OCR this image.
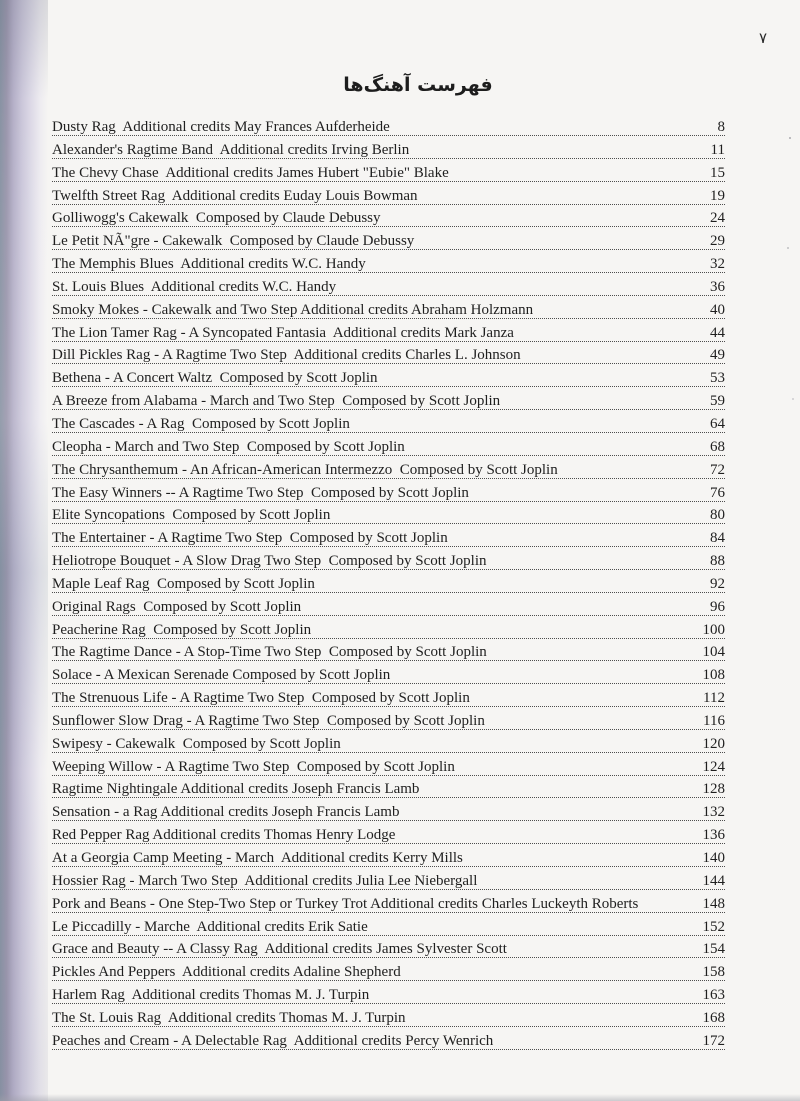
۷
فهرست آهنگ‌ها
Dusty Rag  Additional credits May Frances Aufderheide	8
Alexander's Ragtime Band  Additional credits Irving Berlin	11
The Chevy Chase  Additional credits James Hubert "Eubie" Blake	15
Twelfth Street Rag  Additional credits Euday Louis Bowman	19
Golliwogg's Cakewalk  Composed by Claude Debussy	24
Le Petit NÃ"gre - Cakewalk  Composed by Claude Debussy	29
The Memphis Blues  Additional credits W.C. Handy	32
St. Louis Blues  Additional credits W.C. Handy	36
Smoky Mokes - Cakewalk and Two Step Additional credits Abraham Holzmann	40
The Lion Tamer Rag - A Syncopated Fantasia  Additional credits Mark Janza	44
Dill Pickles Rag - A Ragtime Two Step  Additional credits Charles L. Johnson	49
Bethena - A Concert Waltz  Composed by Scott Joplin	53
A Breeze from Alabama - March and Two Step  Composed by Scott Joplin	59
The Cascades - A Rag  Composed by Scott Joplin	64
Cleopha - March and Two Step  Composed by Scott Joplin	68
The Chrysanthemum - An African-American Intermezzo  Composed by Scott Joplin	72
The Easy Winners -- A Ragtime Two Step  Composed by Scott Joplin	76
Elite Syncopations  Composed by Scott Joplin	80
The Entertainer - A Ragtime Two Step  Composed by Scott Joplin	84
Heliotrope Bouquet - A Slow Drag Two Step  Composed by Scott Joplin	88
Maple Leaf Rag  Composed by Scott Joplin	92
Original Rags  Composed by Scott Joplin	96
Peacherine Rag  Composed by Scott Joplin	100
The Ragtime Dance - A Stop-Time Two Step  Composed by Scott Joplin	104
Solace - A Mexican Serenade Composed by Scott Joplin	108
The Strenuous Life - A Ragtime Two Step  Composed by Scott Joplin	112
Sunflower Slow Drag - A Ragtime Two Step  Composed by Scott Joplin	116
Swipesy - Cakewalk  Composed by Scott Joplin	120
Weeping Willow - A Ragtime Two Step  Composed by Scott Joplin	124
Ragtime Nightingale Additional credits Joseph Francis Lamb	128
Sensation - a Rag Additional credits Joseph Francis Lamb	132
Red Pepper Rag Additional credits Thomas Henry Lodge	136
At a Georgia Camp Meeting - March  Additional credits Kerry Mills	140
Hossier Rag - March Two Step  Additional credits Julia Lee Niebergall	144
Pork and Beans - One Step-Two Step or Turkey Trot Additional credits Charles Luckeyth Roberts	148
Le Piccadilly - Marche  Additional credits Erik Satie	152
Grace and Beauty -- A Classy Rag  Additional credits James Sylvester Scott	154
Pickles And Peppers  Additional credits Adaline Shepherd	158
Harlem Rag  Additional credits Thomas M. J. Turpin	163
The St. Louis Rag  Additional credits Thomas M. J. Turpin	168
Peaches and Cream - A Delectable Rag  Additional credits Percy Wenrich	172
